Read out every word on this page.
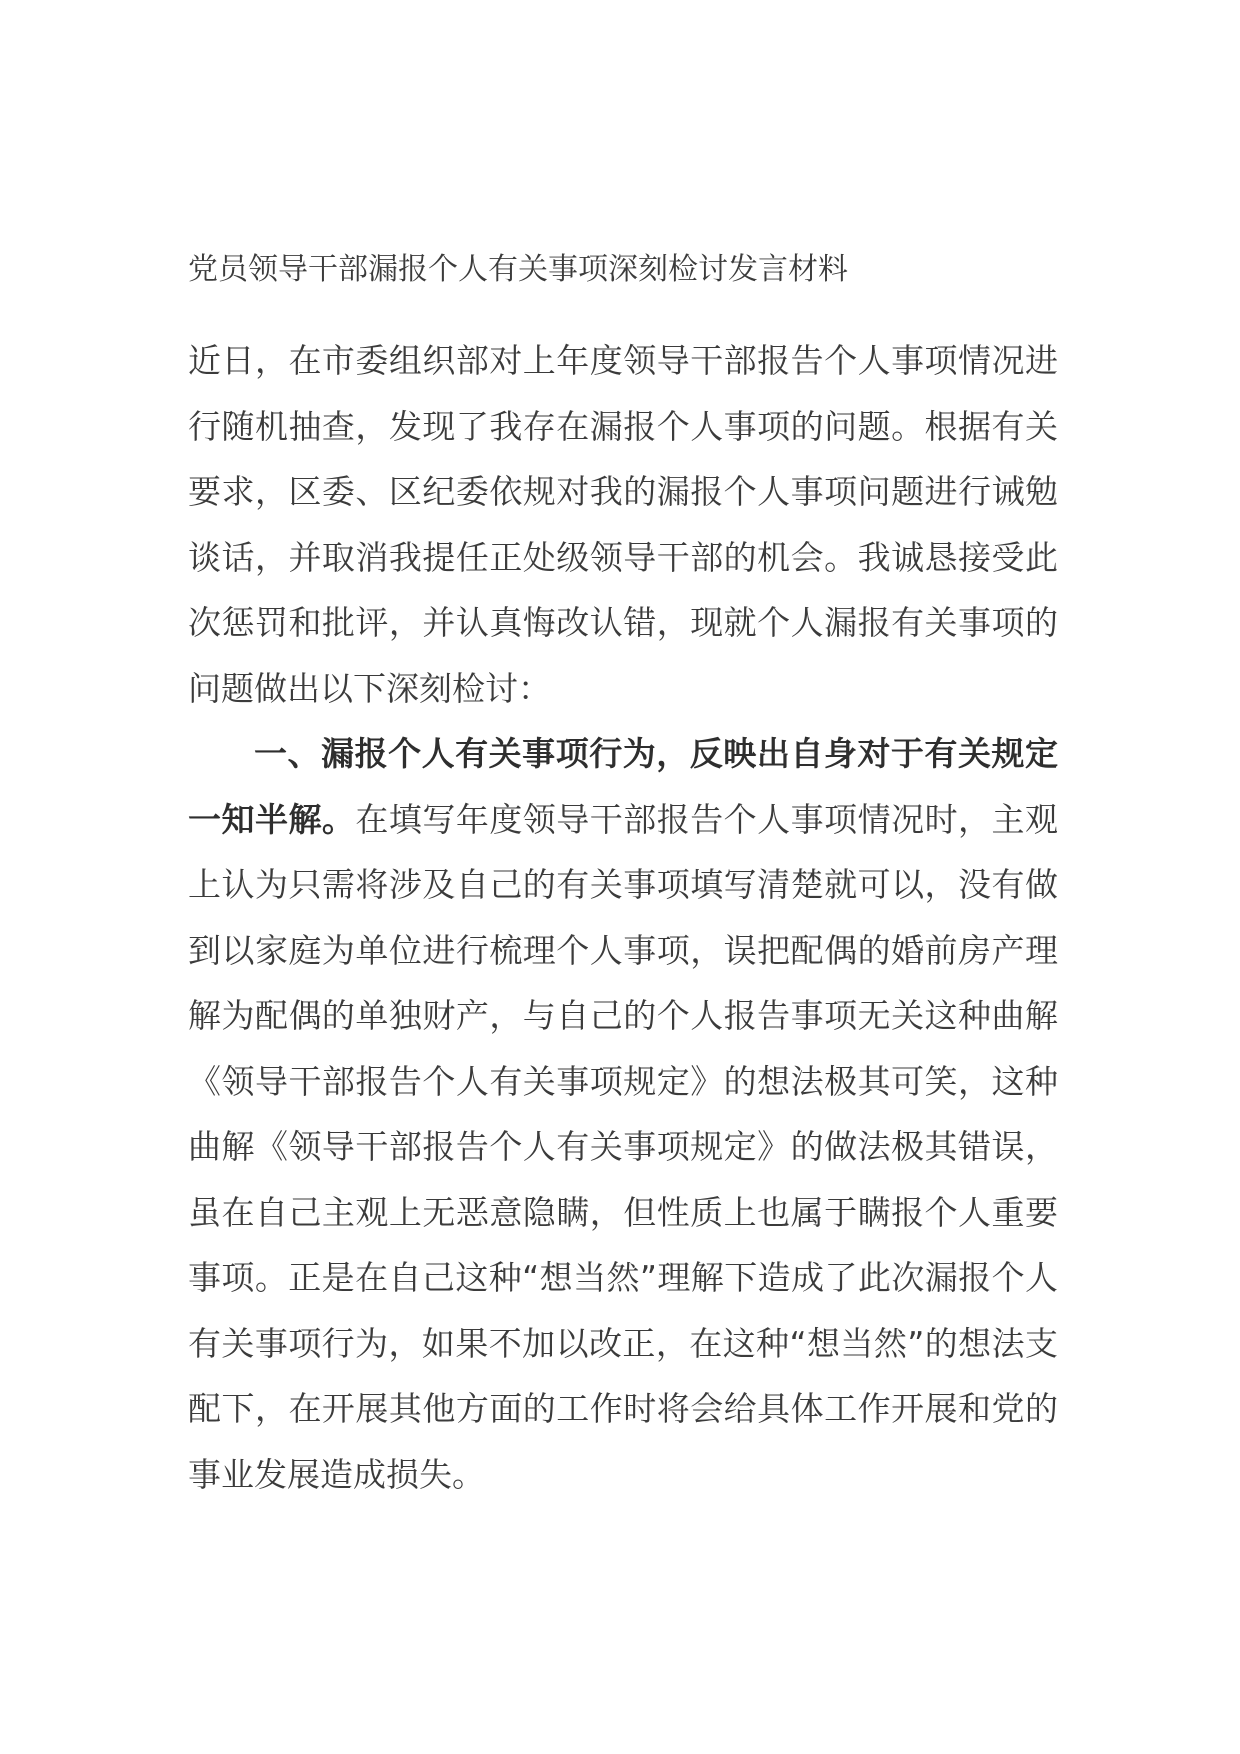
党员领导干部漏报个人有关事项深刻检讨发言材料

近日，在市委组织部对上年度领导干部报告个人事项情况进行随机抽查，发现了我存在漏报个人事项的问题。根据有关要求，区委、区纪委依规对我的漏报个人事项问题进行诫勉谈话，并取消我提任正处级领导干部的机会。我诚恳接受此次惩罚和批评，并认真悔改认错，现就个人漏报有关事项的问题做出以下深刻检讨：

一、漏报个人有关事项行为，反映出自身对于有关规定一知半解。在填写年度领导干部报告个人事项情况时，主观上认为只需将涉及自己的有关事项填写清楚就可以，没有做到以家庭为单位进行梳理个人事项，误把配偶的婚前房产理解为配偶的单独财产，与自己的个人报告事项无关这种曲解《领导干部报告个人有关事项规定》的想法极其可笑，这种曲解《领导干部报告个人有关事项规定》的做法极其错误，虽在自己主观上无恶意隐瞒，但性质上也属于瞒报个人重要事项。正是在自己这种“想当然”理解下造成了此次漏报个人有关事项行为，如果不加以改正，在这种“想当然”的想法支配下，在开展其他方面的工作时将会给具体工作开展和党的事业发展造成损失。
